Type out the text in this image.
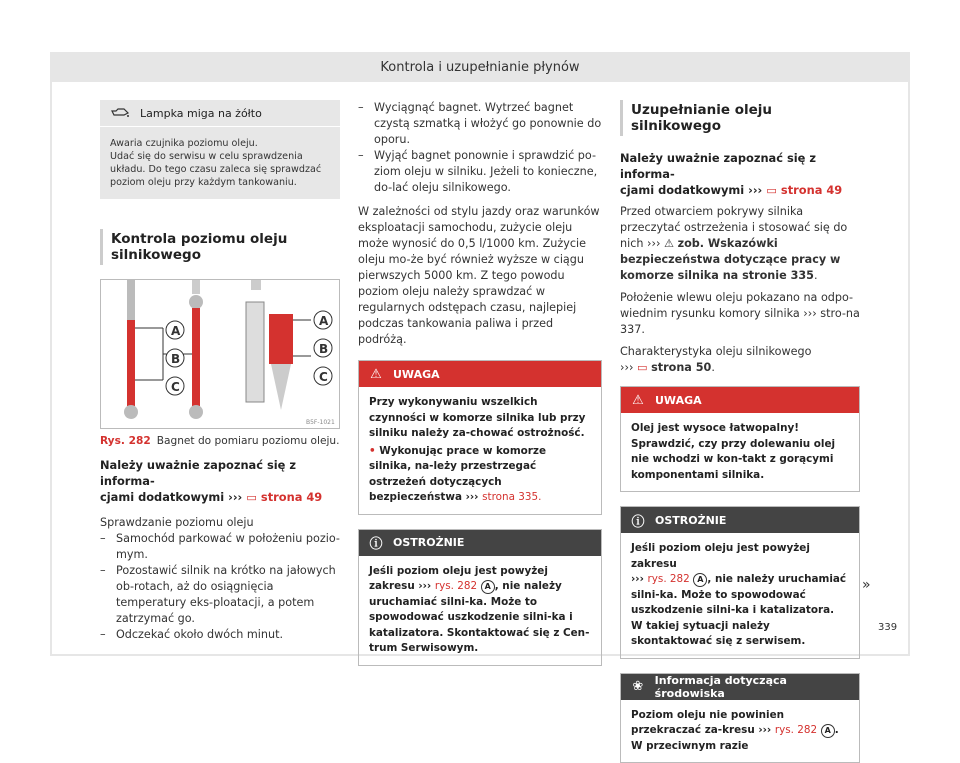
Kontrola i uzupełnianie płynów
Lampka miga na żółto
Awaria czujnika poziomu oleju.
Udać się do serwisu w celu sprawdzenia układu. Do tego czasu zaleca się sprawdzać poziom oleju przy każdym tankowaniu.
Kontrola poziomu oleju silnikowego
A
B
C
A
B
C
B5F-1021
Rys. 282 Bagnet do pomiaru poziomu oleju.
Należy uważnie zapoznać się z informa-
cjami dodatkowymi ››› ▭ strona 49
Sprawdzanie poziomu oleju
– Samochód parkować w położeniu pozio-mym.
– Pozostawić silnik na krótko na jałowych ob-rotach, aż do osiągnięcia temperatury eks-ploatacji, a potem zatrzymać go.
– Odczekać około dwóch minut.
– Wyciągnąć bagnet. Wytrzeć bagnet czystą szmatką i włożyć go ponownie do oporu.
– Wyjąć bagnet ponownie i sprawdzić po-ziom oleju w silniku. Jeżeli to konieczne, do-lać oleju silnikowego.

W zależności od stylu jazdy oraz warunków eksploatacji samochodu, zużycie oleju może wynosić do 0,5 l/1000 km. Zużycie oleju mo-że być również wyższe w ciągu pierwszych 5000 km. Z tego powodu poziom oleju należy sprawdzać w regularnych odstępach czasu, najlepiej podczas tankowania paliwa i przed podróżą.

⚠	UWAGA
Przy wykonywaniu wszelkich czynności w komorze silnika lub przy silniku należy za-chować ostrożność.
• Wykonując prace w komorze silnika, na-leży przestrzegać ostrzeżeń dotyczących bezpieczeństwa ››› strona 335.
ⓘ OSTROŻNIE
Jeśli poziom oleju jest powyżej zakresu ››› rys. 282 A , nie należy uruchamiać silni-ka. Może to spowodować uszkodzenie silni-ka i katalizatora. Skontaktować się z Cen-trum Serwisowym.
Uzupełnianie oleju silnikowego
Należy uważnie zapoznać się z informa-
cjami dodatkowymi ››› ▭ strona 49

Przed otwarciem pokrywy silnika przeczytać ostrzeżenia i stosować się do nich ››› ⚠ zob. Wskazówki bezpieczeństwa dotyczące pracy w komorze silnika na stronie 335.

Położenie wlewu oleju pokazano na odpo-wiednim rysunku komory silnika ››› stro-na 337.

Charakterystyka oleju silnikowego
››› ▭ strona 50.

⚠	UWAGA
Olej jest wysoce łatwopalny! Sprawdzić, czy przy dolewaniu olej nie wchodzi w kon-takt z gorącymi komponentami silnika.
ⓘ OSTROŻNIE
Jeśli poziom oleju jest powyżej zakresu
››› rys. 282 A , nie należy uruchamiać silni-ka. Może to spowodować uszkodzenie silni-ka i katalizatora. W takiej sytuacji należy skontaktować się z serwisem.
❀	Informacja dotycząca środowiska
Poziom oleju nie powinien przekraczać za-kresu ››› rys. 282 A . W przeciwnym razie
»
339
